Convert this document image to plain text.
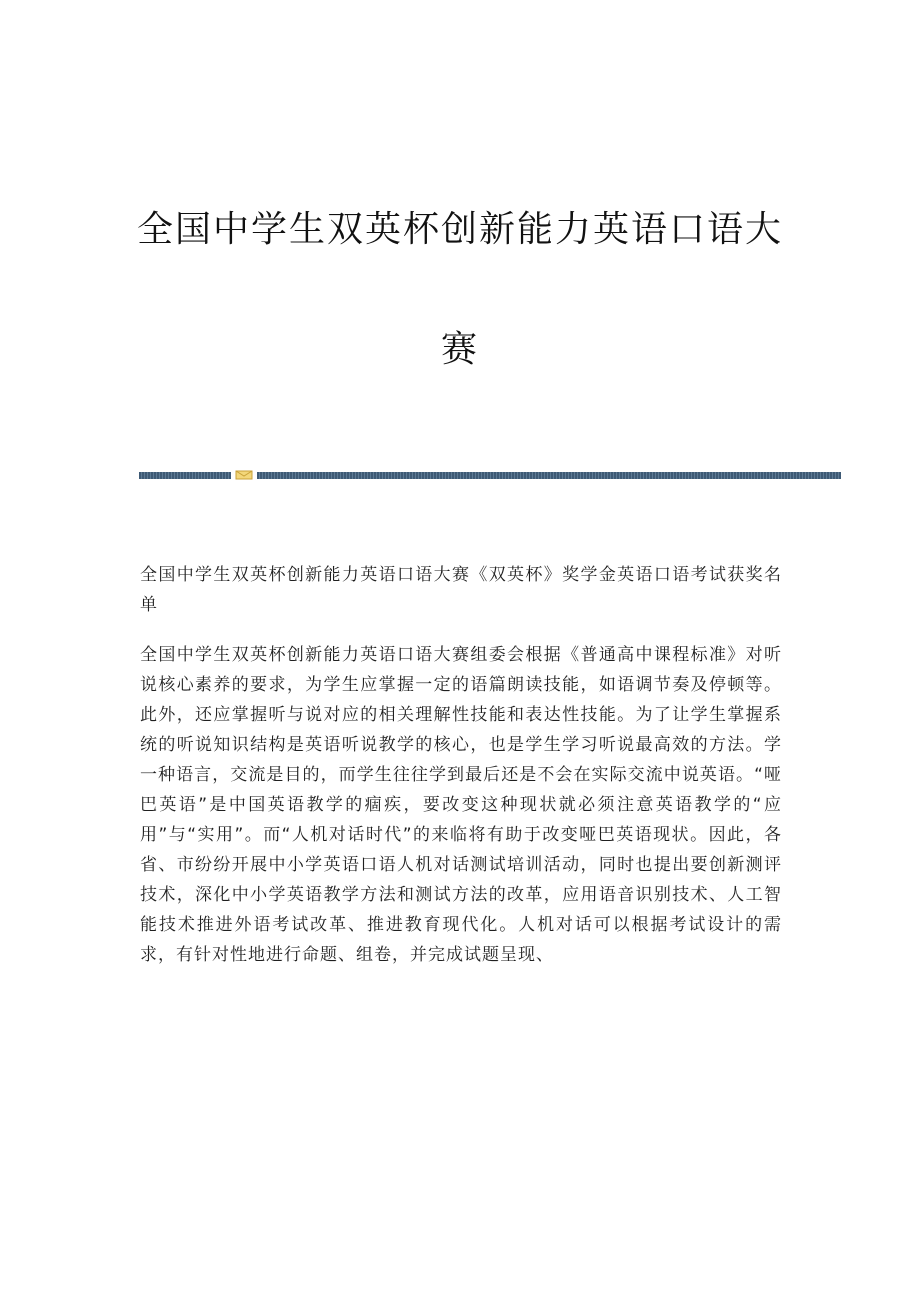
全国中学生双英杯创新能力英语口语大
赛

全国中学生双英杯创新能力英语口语大赛《双英杯》奖学金英语口语考试获奖名单

全国中学生双英杯创新能力英语口语大赛组委会根据《普通高中课程标准》对听说核心素养的要求，为学生应掌握一定的语篇朗读技能，如语调节奏及停顿等。此外，还应掌握听与说对应的相关理解性技能和表达性技能。为了让学生掌握系统的听说知识结构是英语听说教学的核心，也是学生学习听说最高效的方法。学一种语言，交流是目的，而学生往往学到最后还是不会在实际交流中说英语。“哑巴英语”是中国英语教学的痼疾，要改变这种现状就必须注意英语教学的“应用”与“实用”。而“人机对话时代”的来临将有助于改变哑巴英语现状。因此，各省、市纷纷开展中小学英语口语人机对话测试培训活动，同时也提出要创新测评技术，深化中小学英语教学方法和测试方法的改革，应用语音识别技术、人工智能技术推进外语考试改革、推进教育现代化。人机对话可以根据考试设计的需求，有针对性地进行命题、组卷，并完成试题呈现、
